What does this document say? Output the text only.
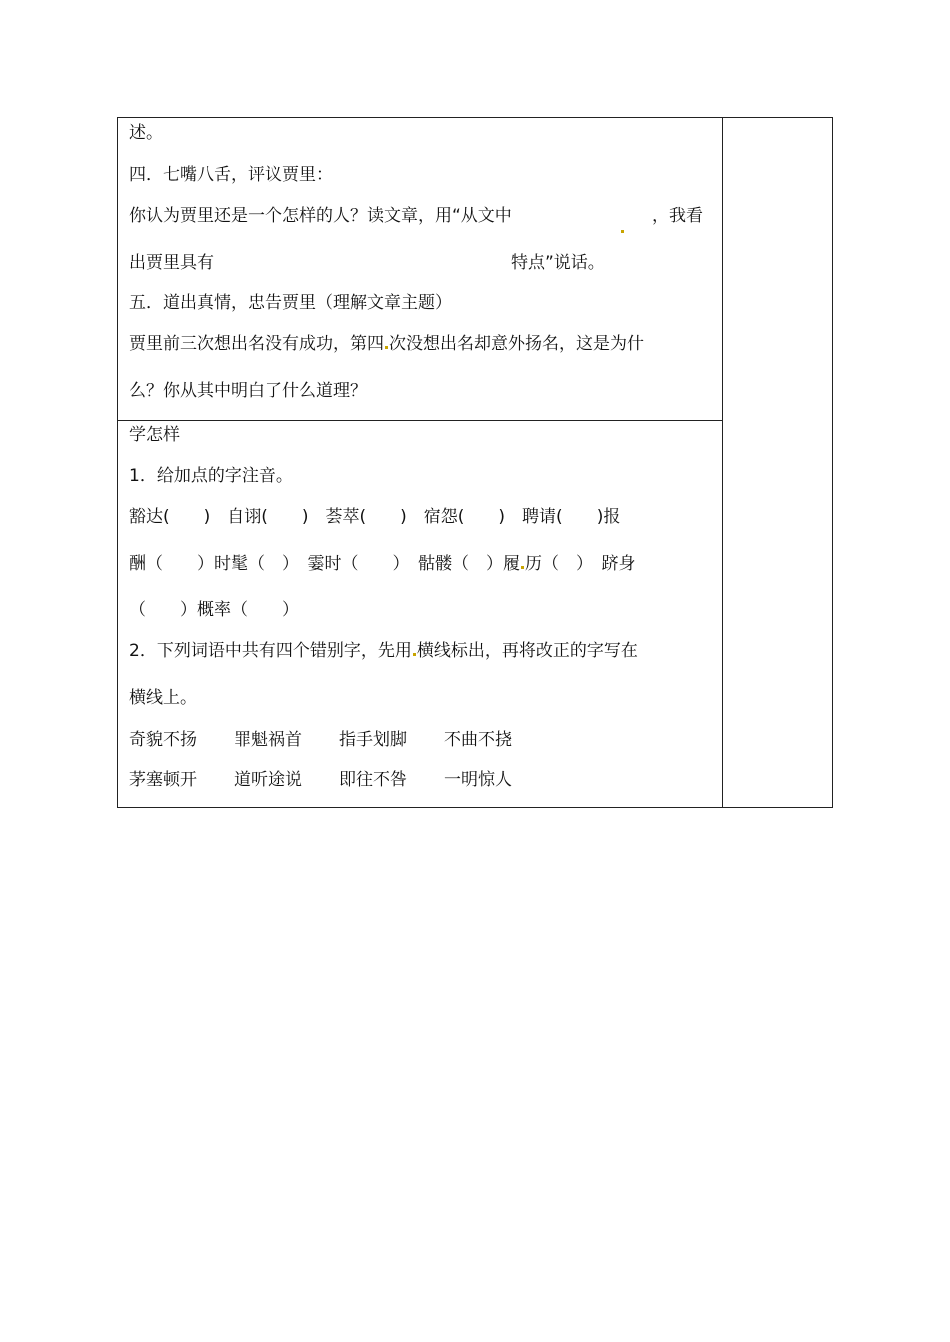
述。
四．七嘴八舌，评议贾里：
你认为贾里还是一个怎样的人？读文章，用“从文中	，我看
出贾里具有	特点”说话。
五．道出真情，忠告贾里（理解文章主题）
贾里前三次想出名没有成功，第四 次没想出名却意外扬名，这是为什
么？你从其中明白了什么道理？
学怎样
1．给加点的字注音。
豁达(　　)　自诩(　　)　荟萃(　　)　宿怨(　　)　聘请(　　)报
酬（　　）时髦（　）　霎时（　　）　骷髅（　）履 历（　）　跻身
（　　）概率（　　）
2．下列词语中共有四个错别字，先用 横线标出，再将改正的字写在
横线上。
奇貌不扬 罪魁祸首 指手划脚 不曲不挠
茅塞顿开 道听途说 即往不咎 一明惊人
